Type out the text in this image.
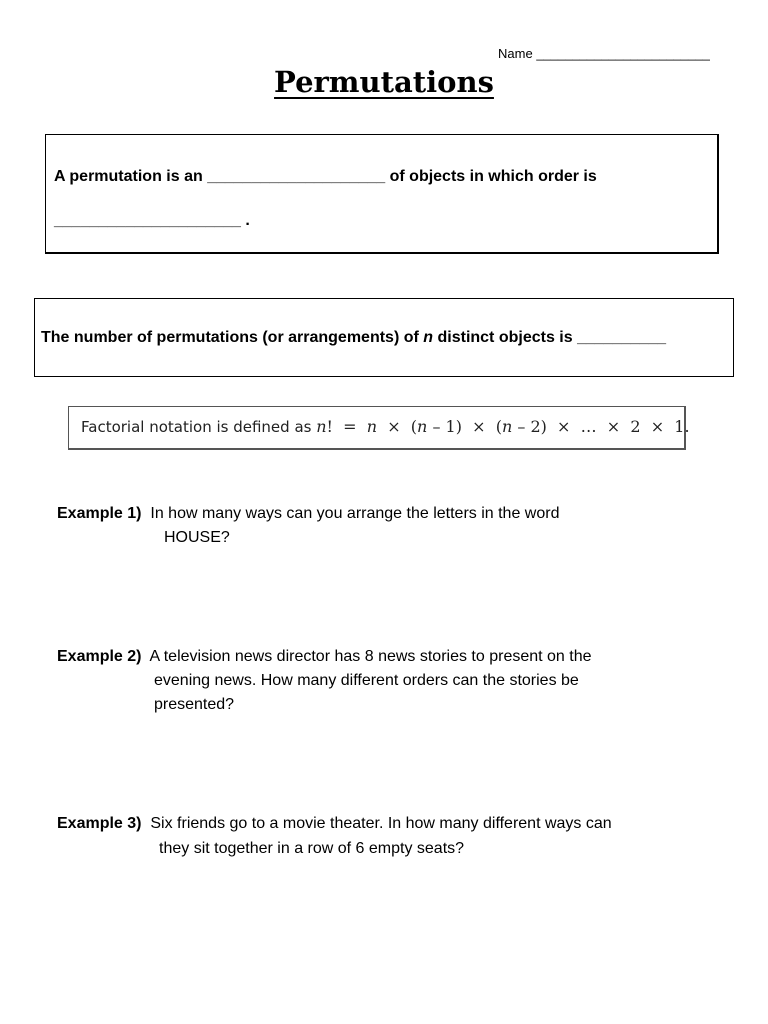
Name ________________________
Permutations
A permutation is an ____________________ of objects in which order is
_____________________ .
The number of permutations (or arrangements) of n distinct objects is __________
Factorial notation is defined as n!  =  n  ×  (n – 1)  ×  (n – 2)  ×  …  ×  2  ×  1.
Example 1) In how many ways can you arrange the letters in the word
HOUSE?
Example 2) A television news director has 8 news stories to present on the
evening news. How many different orders can the stories be
presented?
Example 3) Six friends go to a movie theater. In how many different ways can
they sit together in a row of 6 empty seats?
